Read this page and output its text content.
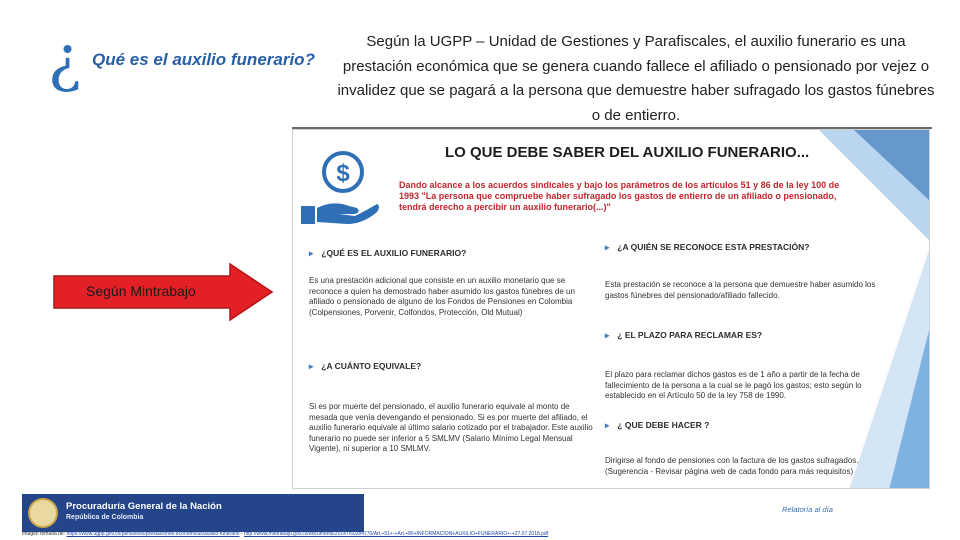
¿ Qué es el auxilio funerario?
Según la UGPP – Unidad de Gestiones y Parafiscales, el auxilio funerario es una prestación económica que se genera cuando fallece el afiliado o pensionado por vejez o invalidez que se pagará a la persona que demuestre haber sufragado los gastos fúnebres o de entierro.
$
LO QUE DEBE SABER DEL AUXILIO FUNERARIO...
Dando alcance a los acuerdos sindicales y bajo los parámetros de los artículos 51 y 86 de la ley 100 de 1993 "La persona que compruebe haber sufragado los gastos de entierro de un afiliado o pensionado, tendrá derecho a percibir un auxilio funerario(...)"
▸ ¿QUÉ ES EL AUXILIO FUNERARIO?
Es una prestación adicional que consiste en un auxilio monetario que se reconoce a quien ha demostrado haber asumido los gastos fúnebres de un afiliado o pensionado de alguno de los Fondos de Pensiones en Colombia (Colpensiones, Porvenir, Colfondos, Protección, Old Mutual)
▸ ¿A CUÁNTO EQUIVALE?
Si es por muerte del pensionado, el auxilio funerario equivale al monto de mesada que venía devengando el pensionado. Si es por muerte del afiliado, el auxilio funerario equivale al último salario cotizado por el trabajador. Este auxilio funerario no puede ser inferior a 5 SMLMV (Salario Mínimo Legal Mensual Vigente), ni superior a 10 SMLMV.
▸ ¿A QUIÉN SE RECONOCE ESTA PRESTACIÓN?
Esta prestación se reconoce a la persona que demuestre haber asumido los gastos fúnebres del pensionado/afiliado fallecido.
▸ ¿ EL PLAZO PARA RECLAMAR ES?
El plazo para reclamar dichos gastos es de 1 año a partir de la fecha de fallecimiento de la persona a la cual se le pagó los gastos; esto según lo establecido en el Artículo 50 de la ley 758 de 1990.
▸ ¿ QUE DEBE HACER ?
Dirigirse al fondo de pensiones con la factura de los gastos sufragados. (Sugerencia - Revisar página web de cada fondo para más requisitos)
Según Mintrabajo
Procuraduría General de la Nación
República de Colombia
Relatoría al día
Imagen tomada de: https://www.ugpp.gov.co/pensiones/prestaciones-economicas/auxilio-funerario - http://www.mintrabajo.gov.co/documents/20147/60284770/Art.+51+-+Art.+86+INFORMACION+AUXILIO+FUNERARIO+-+27.07.2018.pdf
